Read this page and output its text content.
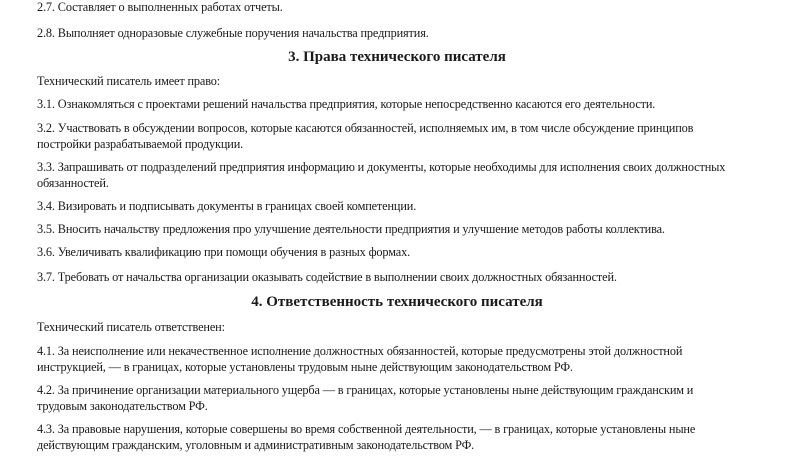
2.7. Составляет о выполненных работах отчеты.
2.8. Выполняет одноразовые служебные поручения начальства предприятия.
3. Права технического писателя
Технический писатель имеет право:
3.1. Ознакомляться с проектами решений начальства предприятия, которые непосредственно касаются его деятельности.
3.2. Участвовать в обсуждении вопросов, которые касаются обязанностей, исполняемых им, в том числе обсуждение принципов постройки разрабатываемой продукции.
3.3. Запрашивать от подразделений предприятия информацию и документы, которые необходимы для исполнения своих должностных обязанностей.
3.4. Визировать и подписывать документы в границах своей компетенции.
3.5. Вносить начальству предложения про улучшение деятельности предприятия и улучшение методов работы коллектива.
3.6. Увеличивать квалификацию при помощи обучения в разных формах.
3.7. Требовать от начальства организации оказывать содействие в выполнении своих должностных обязанностей.
4. Ответственность технического писателя
Технический писатель ответственен:
4.1. За неисполнение или некачественное исполнение должностных обязанностей, которые предусмотрены этой должностной инструкцией, — в границах, которые установлены трудовым ныне действующим законодательством РФ.
4.2. За причинение организации материального ущерба — в границах, которые установлены ныне действующим гражданским и трудовым законодательством РФ.
4.3. За правовые нарушения, которые совершены во время собственной деятельности, — в границах, которые установлены ныне действующим гражданским, уголовным и административным законодательством РФ.
